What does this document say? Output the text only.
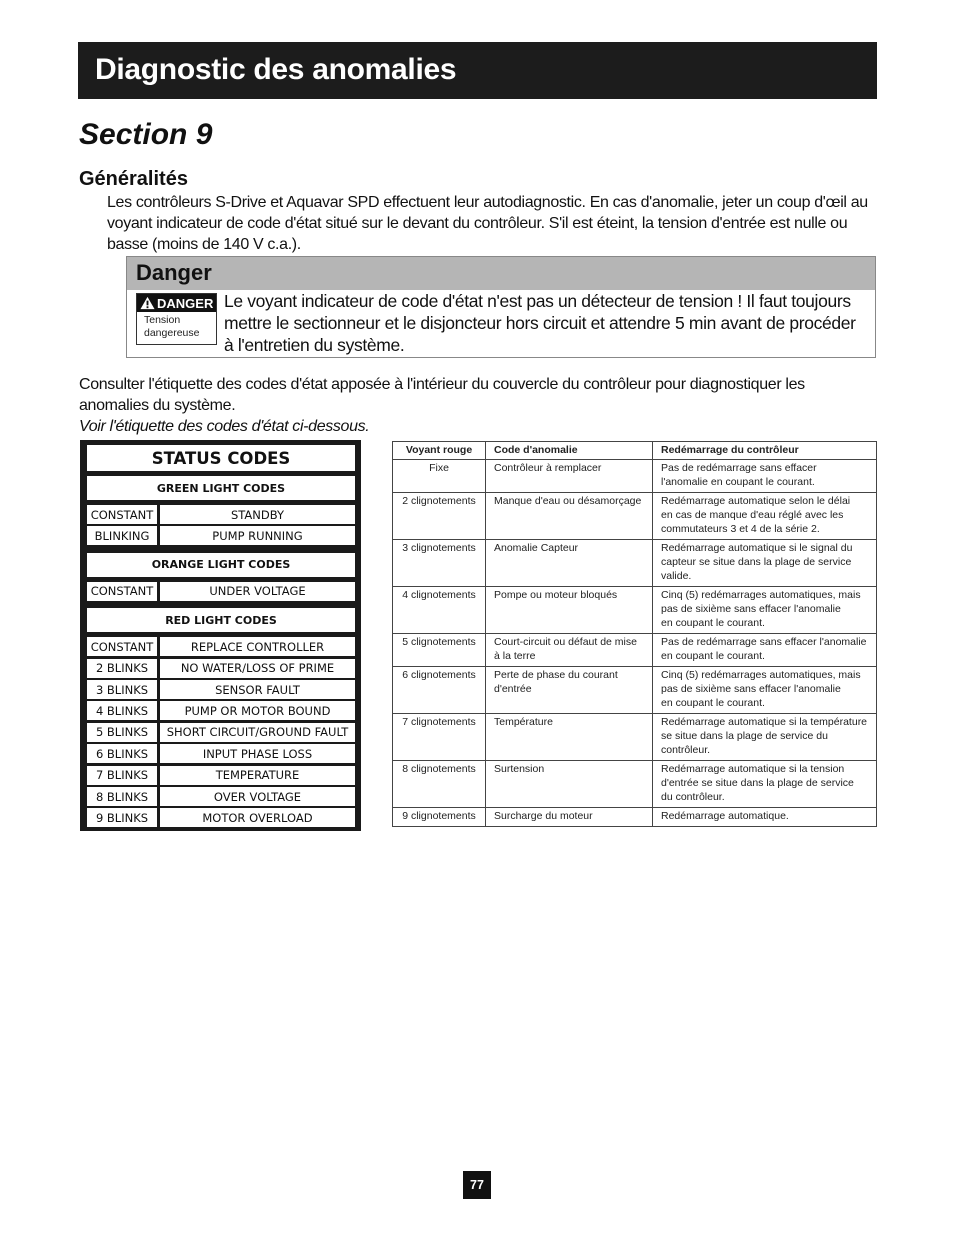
Diagnostic des anomalies
Section 9
Généralités
Les contrôleurs S-Drive et Aquavar SPD effectuent leur autodiagnostic. En cas d'anomalie, jeter un coup d'œil au voyant indicateur de code d'état situé sur le devant du contrôleur. S'il est éteint, la tension d'entrée est nulle ou basse (moins de 140 V c.a.).
Danger
DANGER
Tension
dangereuse
Le voyant indicateur de code d'état n'est pas un détecteur de tension ! Il faut toujours mettre le sectionneur et le disjoncteur hors circuit et attendre 5 min avant de procéder à l'entretien du système.
Consulter l'étiquette des codes d'état apposée à l'intérieur du couvercle du contrôleur pour diagnostiquer les anomalies du système.
Voir l'étiquette des codes d'état ci-dessous.
STATUS CODES
GREEN LIGHT CODES
CONSTANT	STANDBY
BLINKING	PUMP RUNNING
ORANGE LIGHT CODES
CONSTANT	UNDER VOLTAGE
RED LIGHT CODES
CONSTANT	REPLACE CONTROLLER
2 BLINKS	NO WATER/LOSS OF PRIME
3 BLINKS	SENSOR FAULT
4 BLINKS	PUMP OR MOTOR BOUND
5 BLINKS	SHORT CIRCUIT/GROUND FAULT
6 BLINKS	INPUT PHASE LOSS
7 BLINKS	TEMPERATURE
8 BLINKS	OVER VOLTAGE
9 BLINKS	MOTOR OVERLOAD
Voyant rouge	Code d'anomalie	Redémarrage du contrôleur
Fixe	Contrôleur à remplacer	Pas de redémarrage sans effacer
l'anomalie en coupant le courant.
2 clignotements	Manque d'eau ou désamorçage	Redémarrage automatique selon le délai
en cas de manque d'eau réglé avec les
commutateurs 3 et 4 de la série 2.
3 clignotements	Anomalie Capteur	Redémarrage automatique si le signal du
capteur se situe dans la plage de service
valide.
4 clignotements	Pompe ou moteur bloqués	Cinq (5) redémarrages automatiques, mais
pas de sixième sans effacer l'anomalie
en coupant le courant.
5 clignotements	Court-circuit ou défaut de mise
à la terre	Pas de redémarrage sans effacer l'anomalie
en coupant le courant.
6 clignotements	Perte de phase du courant
d'entrée	Cinq (5) redémarrages automatiques, mais
pas de sixième sans effacer l'anomalie
en coupant le courant.
7 clignotements	Température	Redémarrage automatique si la température
se situe dans la plage de service du
contrôleur.
8 clignotements	Surtension	Redémarrage automatique si la tension
d'entrée se situe dans la plage de service
du contrôleur.
9 clignotements	Surcharge du moteur	Redémarrage automatique.
77
